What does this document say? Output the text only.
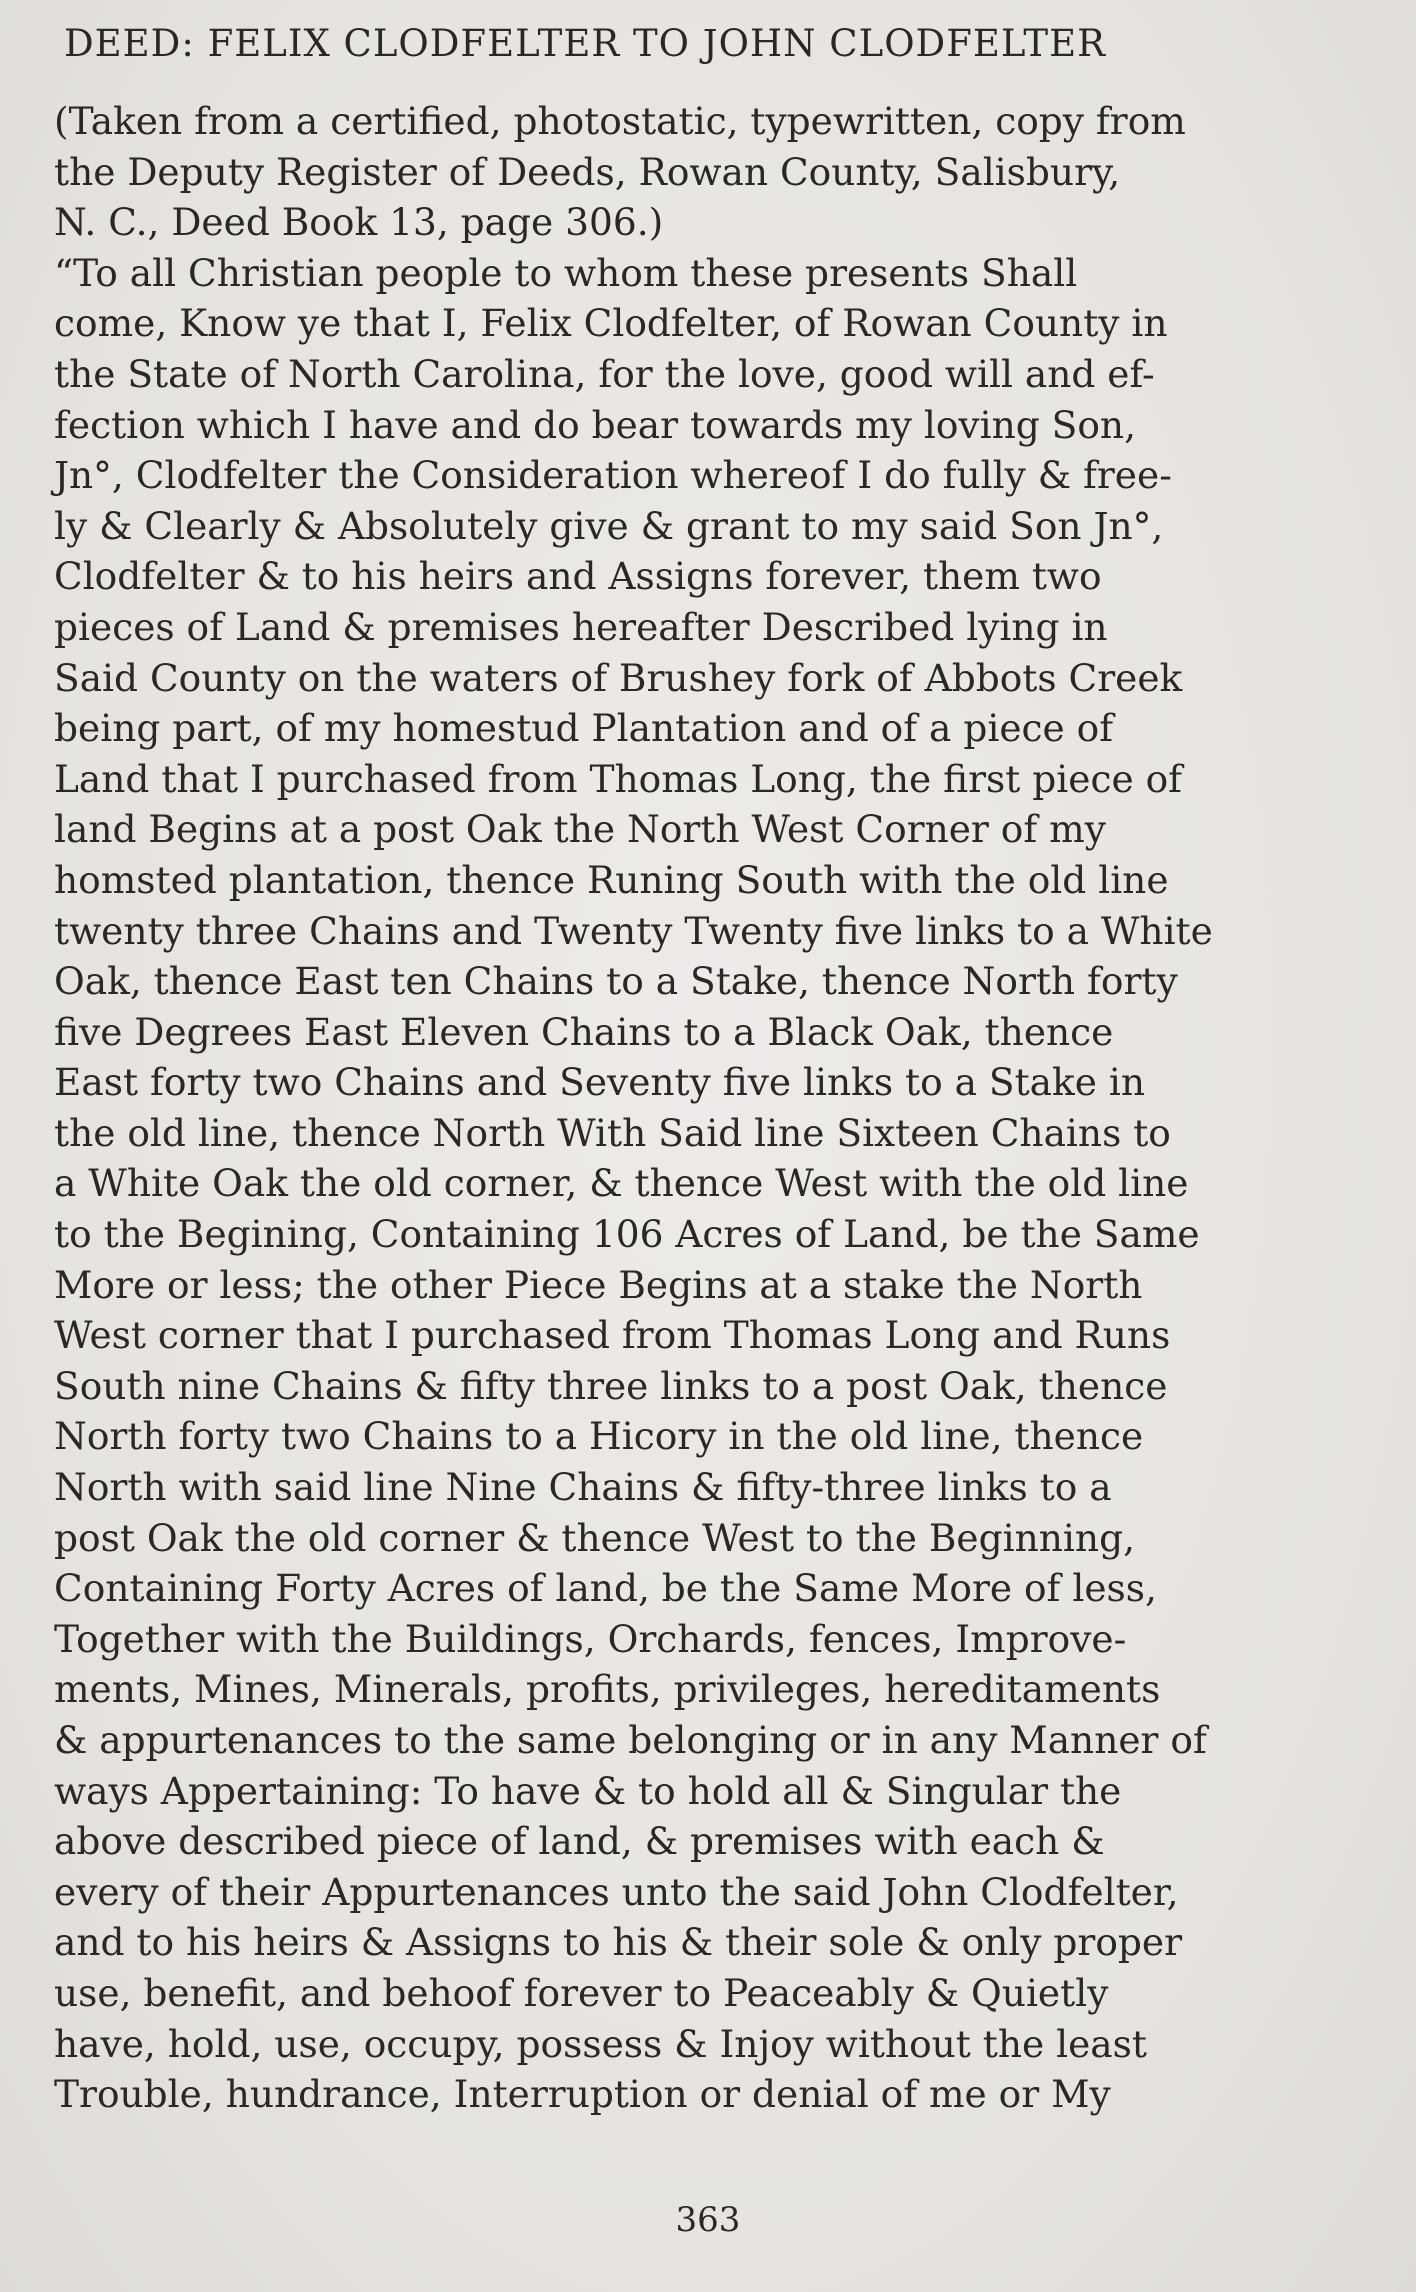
DEED: FELIX CLODFELTER TO JOHN CLODFELTER
(Taken from a certified, photostatic, typewritten, copy from
the Deputy Register of Deeds, Rowan County, Salisbury,
N. C., Deed Book 13, page 306.)
“To all Christian people to whom these presents Shall
come, Know ye that I, Felix Clodfelter, of Rowan County in
the State of North Carolina, for the love, good will and ef-
fection which I have and do bear towards my loving Son,
Jn°, Clodfelter the Consideration whereof I do fully & free-
ly & Clearly & Absolutely give & grant to my said Son Jn°,
Clodfelter & to his heirs and Assigns forever, them two
pieces of Land & premises hereafter Described lying in
Said County on the waters of Brushey fork of Abbots Creek
being part, of my homestud Plantation and of a piece of
Land that I purchased from Thomas Long, the first piece of
land Begins at a post Oak the North West Corner of my
homsted plantation, thence Runing South with the old line
twenty three Chains and Twenty Twenty five links to a White
Oak, thence East ten Chains to a Stake, thence North forty
five Degrees East Eleven Chains to a Black Oak, thence
East forty two Chains and Seventy five links to a Stake in
the old line, thence North With Said line Sixteen Chains to
a White Oak the old corner, & thence West with the old line
to the Begining, Containing 106 Acres of Land, be the Same
More or less; the other Piece Begins at a stake the North
West corner that I purchased from Thomas Long and Runs
South nine Chains & fifty three links to a post Oak, thence
North forty two Chains to a Hicory in the old line, thence
North with said line Nine Chains & fifty-three links to a
post Oak the old corner & thence West to the Beginning,
Containing Forty Acres of land, be the Same More of less,
Together with the Buildings, Orchards, fences, Improve-
ments, Mines, Minerals, profits, privileges, hereditaments
& appurtenances to the same belonging or in any Manner of
ways Appertaining: To have & to hold all & Singular the
above described piece of land, & premises with each &
every of their Appurtenances unto the said John Clodfelter,
and to his heirs & Assigns to his & their sole & only proper
use, benefit, and behoof forever to Peaceably & Quietly
have, hold, use, occupy, possess & Injoy without the least
Trouble, hundrance, Interruption or denial of me or My
363
